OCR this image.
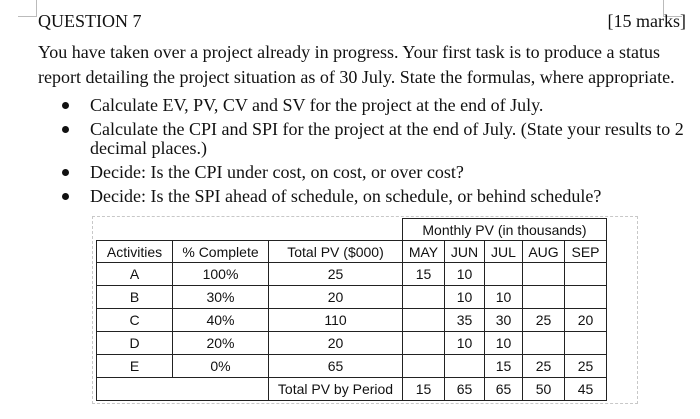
QUESTION 7	[15 marks]
You have taken over a project already in progress. Your first task is to produce a status report detailing the project situation as of 30 July. State the formulas, where appropriate.
Calculate EV, PV, CV and SV for the project at the end of July.
Calculate the CPI and SPI for the project at the end of July. (State your results to 2 decimal places.)
Decide: Is the CPI under cost, on cost, or over cost?
Decide: Is the SPI ahead of schedule, on schedule, or behind schedule?
			Monthly PV (in thousands)				
Activities	% Complete	Total PV ($000)	MAY	JUN	JUL	AUG	SEP
A	100%	25	15	10			
B	30%	20		10	10		
C	40%	110		35	30	25	20
D	20%	20		10	10		
E	0%	65			15	25	25
		Total PV by Period	15	65	65	50	45
